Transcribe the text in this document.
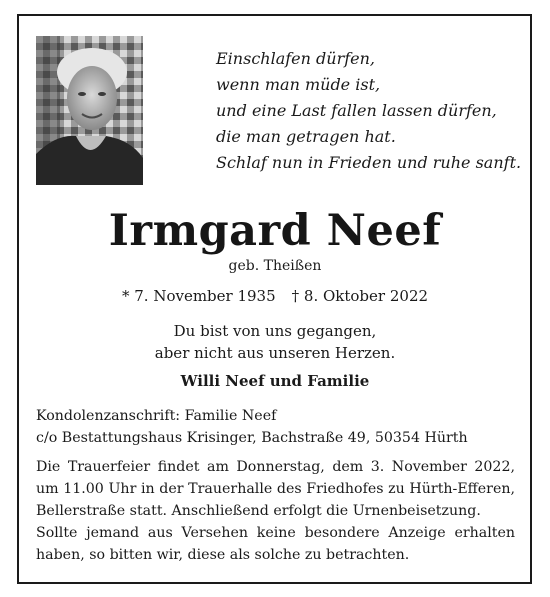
Einschlafen dürfen,
wenn man müde ist,
und eine Last fallen lassen dürfen,
die man getragen hat.
Schlaf nun in Frieden und ruhe sanft.
Irmgard Neef
geb. Theißen
* 7. November 1935 † 8. Oktober 2022
Du bist von uns gegangen,
aber nicht aus unseren Herzen.
Willi Neef und Familie
Kondolenzanschrift: Familie Neef
c/o Bestattungshaus Krisinger, Bachstraße 49, 50354 Hürth
Die Trauerfeier findet am Donnerstag, dem 3. November 2022,
um 11.00 Uhr in der Trauerhalle des Friedhofes zu Hürth-Efferen,
Bellerstraße statt. Anschließend erfolgt die Urnenbeisetzung.
Sollte jemand aus Versehen keine besondere Anzeige erhalten
haben, so bitten wir, diese als solche zu betrachten.
